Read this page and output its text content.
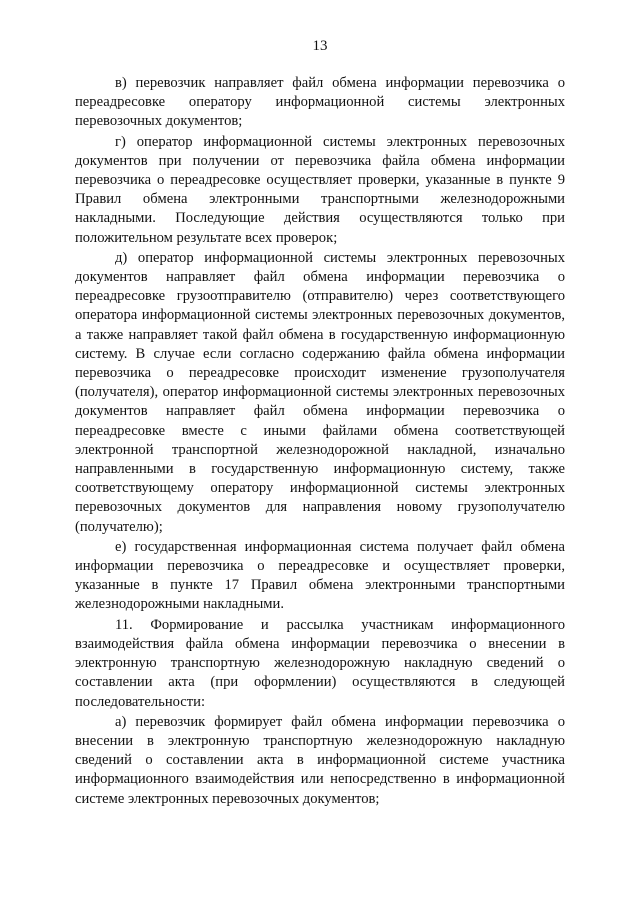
13

в) перевозчик направляет файл обмена информации перевозчика о переадресовке оператору информационной системы электронных перевозочных документов;

г) оператор информационной системы электронных перевозочных документов при получении от перевозчика файла обмена информации перевозчика о переадресовке осуществляет проверки, указанные в пункте 9 Правил обмена электронными транспортными железнодорожными накладными. Последующие действия осуществляются только при положительном результате всех проверок;

д) оператор информационной системы электронных перевозочных документов направляет файл обмена информации перевозчика о переадресовке грузоотправителю (отправителю) через соответствующего оператора информационной системы электронных перевозочных документов, а также направляет такой файл обмена в государственную информационную систему. В случае если согласно содержанию файла обмена информации перевозчика о переадресовке происходит изменение грузополучателя (получателя), оператор информационной системы электронных перевозочных документов направляет файл обмена информации перевозчика о переадресовке вместе с иными файлами обмена соответствующей электронной транспортной железнодорожной накладной, изначально направленными в государственную информационную систему, также соответствующему оператору информационной системы электронных перевозочных документов для направления новому грузополучателю (получателю);

е) государственная информационная система получает файл обмена информации перевозчика о переадресовке и осуществляет проверки, указанные в пункте 17 Правил обмена электронными транспортными железнодорожными накладными.

11. Формирование и рассылка участникам информационного взаимодействия файла обмена информации перевозчика о внесении в электронную транспортную железнодорожную накладную сведений о составлении акта (при оформлении) осуществляются в следующей последовательности:

а) перевозчик формирует файл обмена информации перевозчика о внесении в электронную транспортную железнодорожную накладную сведений о составлении акта в информационной системе участника информационного взаимодействия или непосредственно в информационной системе электронных перевозочных документов;
